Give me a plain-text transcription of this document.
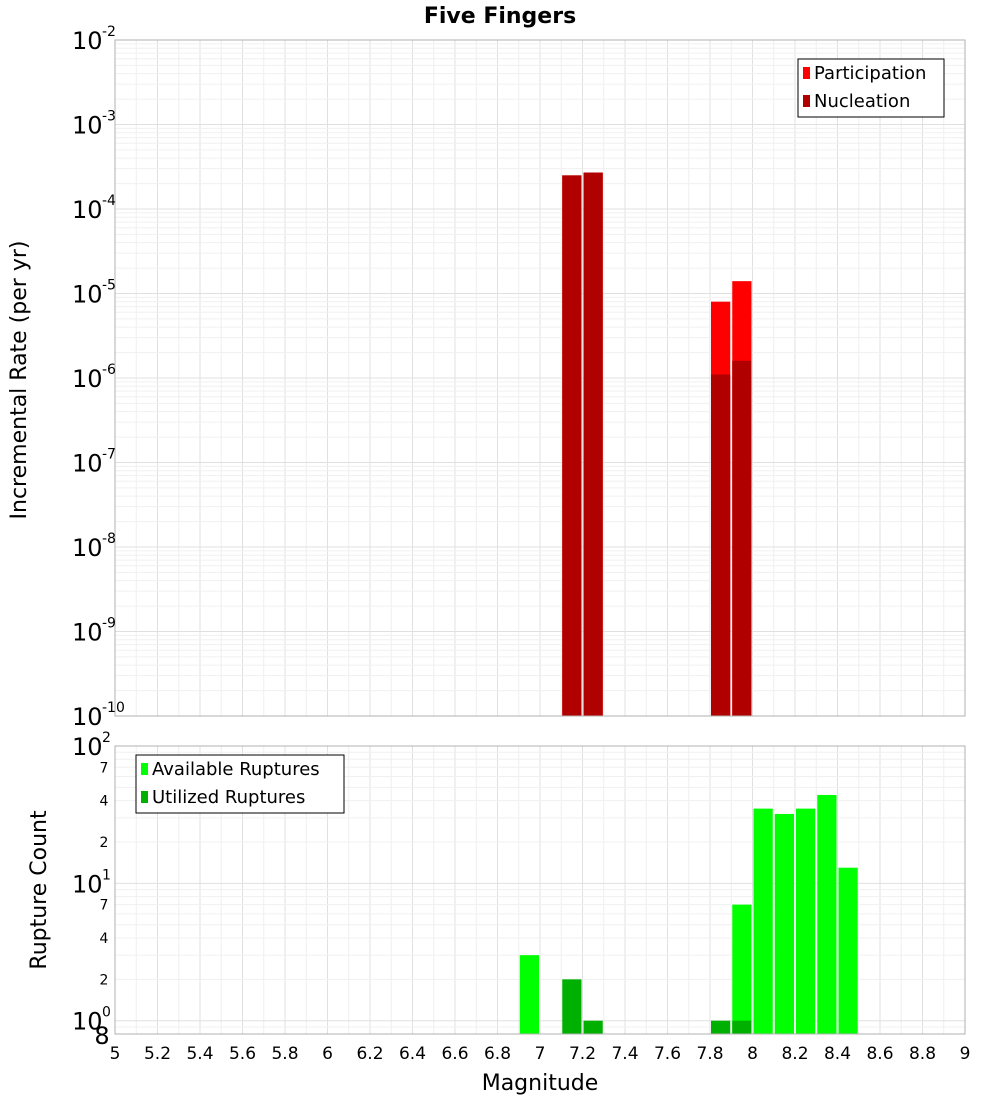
Five Fingers
10 -10
10 -9
10 -8
10 -7
10 -6
10 -5
10 -4
10 -3
10 -2
Participation
Nucleation
10 0
10 1
10 2
2
4
7
2
4
7
8
5 5.2 5.4 5.6 5.8 6 6.2 6.4 6.6 6.8 7 7.2 7.4 7.6 7.8 8 8.2 8.4 8.6 8.8 9
Available Ruptures
Utilized Ruptures
Incremental Rate (per yr)
Rupture Count
Magnitude
